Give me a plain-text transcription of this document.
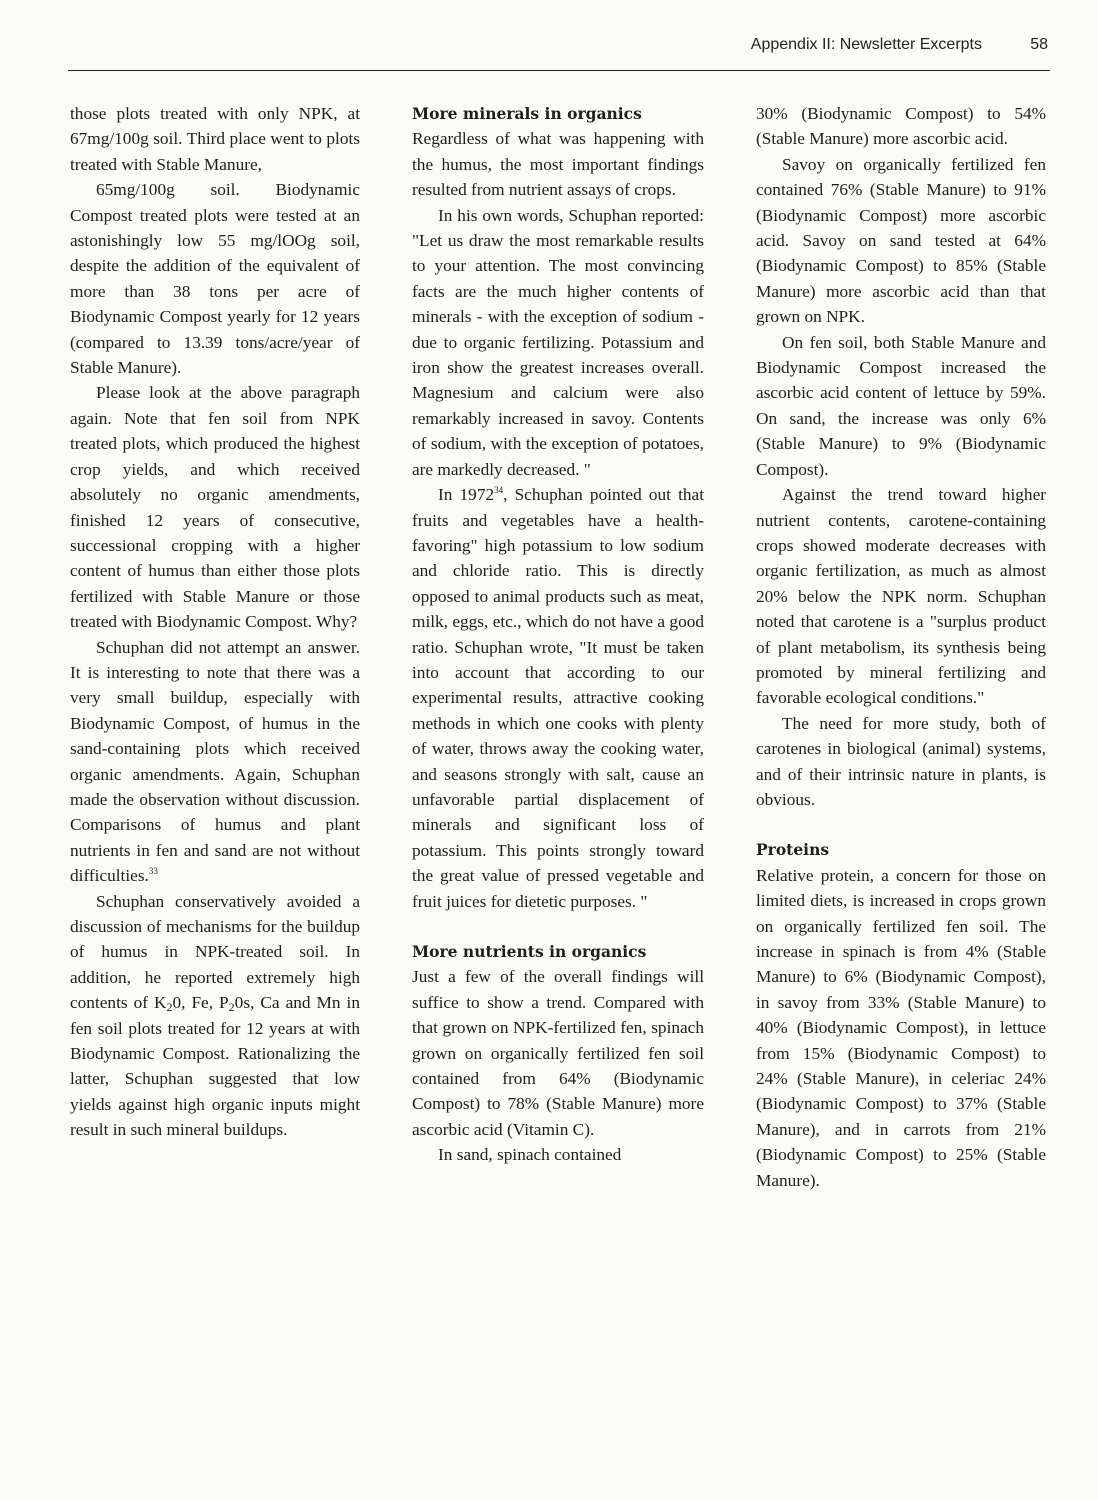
Appendix II: Newsletter Excerpts	58

those plots treated with only NPK, at 67mg/100g soil. Third place went to plots treated with Stable Manure,

65mg/100g soil. Biodynamic Compost treated plots were tested at an astonishingly low 55 mg/lOOg soil, despite the addition of the equivalent of more than 38 tons per acre of Biodynamic Compost yearly for 12 years (compared to 13.39 tons/acre/year of Stable Manure).

Please look at the above paragraph again. Note that fen soil from NPK treated plots, which produced the highest crop yields, and which received absolutely no organic amendments, finished 12 years of consecutive, successional cropping with a higher content of humus than either those plots fertilized with Stable Manure or those treated with Biodynamic Compost. Why?

Schuphan did not attempt an answer. It is interesting to note that there was a very small buildup, especially with Biodynamic Compost, of humus in the sand-containing plots which received organic amendments. Again, Schuphan made the observation without discussion. Comparisons of humus and plant nutrients in fen and sand are not without difficulties.$^{33}$

Schuphan conservatively avoided a discussion of mechanisms for the buildup of humus in NPK-treated soil. In addition, he reported extremely high contents of $K_20$, Fe, $P_20s$, Ca and Mn in fen soil plots treated for 12 years at with Biodynamic Compost. Rationalizing the latter, Schuphan suggested that low yields against high organic inputs might result in such mineral buildups.

More minerals in organics

Regardless of what was happening with the humus, the most important findings resulted from nutrient assays of crops.

In his own words, Schuphan reported: "Let us draw the most remarkable results to your attention. The most convincing facts are the much higher contents of minerals - with the exception of sodium - due to organic fertilizing. Potassium and iron show the greatest increases overall. Magnesium and calcium were also remarkably increased in savoy. Contents of sodium, with the exception of potatoes, are markedly decreased. "

In 1972$^{34}$, Schuphan pointed out that fruits and vegetables have a health-favoring" high potassium to low sodium and chloride ratio. This is directly opposed to animal products such as meat, milk, eggs, etc., which do not have a good ratio. Schuphan wrote, "It must be taken into account that according to our experimental results, attractive cooking methods in which one cooks with plenty of water, throws away the cooking water, and seasons strongly with salt, cause an unfavorable partial displacement of minerals and significant loss of potassium. This points strongly toward the great value of pressed vegetable and fruit juices for dietetic purposes. "

More nutrients in organics

Just a few of the overall findings will suffice to show a trend. Compared with that grown on NPK-fertilized fen, spinach grown on organically fertilized fen soil contained from 64% (Biodynamic Compost) to 78% (Stable Manure) more ascorbic acid (Vitamin C).

In sand, spinach contained

30% (Biodynamic Compost) to 54% (Stable Manure) more ascorbic acid.

Savoy on organically fertilized fen contained 76% (Stable Manure) to 91% (Biodynamic Compost) more ascorbic acid. Savoy on sand tested at 64% (Biodynamic Compost) to 85% (Stable Manure) more ascorbic acid than that grown on NPK.

On fen soil, both Stable Manure and Biodynamic Compost increased the ascorbic acid content of lettuce by 59%. On sand, the increase was only 6% (Stable Manure) to 9% (Biodynamic Compost).

Against the trend toward higher nutrient contents, carotene-containing crops showed moderate decreases with organic fertilization, as much as almost 20% below the NPK norm. Schuphan noted that carotene is a "surplus product of plant metabolism, its synthesis being promoted by mineral fertilizing and favorable ecological conditions."

The need for more study, both of carotenes in biological (animal) systems, and of their intrinsic nature in plants, is obvious.

Proteins

Relative protein, a concern for those on limited diets, is increased in crops grown on organically fertilized fen soil. The increase in spinach is from 4% (Stable Manure) to 6% (Biodynamic Compost), in savoy from 33% (Stable Manure) to 40% (Biodynamic Compost), in lettuce from 15% (Biodynamic Compost) to 24% (Stable Manure), in celeriac 24% (Biodynamic Compost) to 37% (Stable Manure), and in carrots from 21% (Biodynamic Compost) to 25% (Stable Manure).
